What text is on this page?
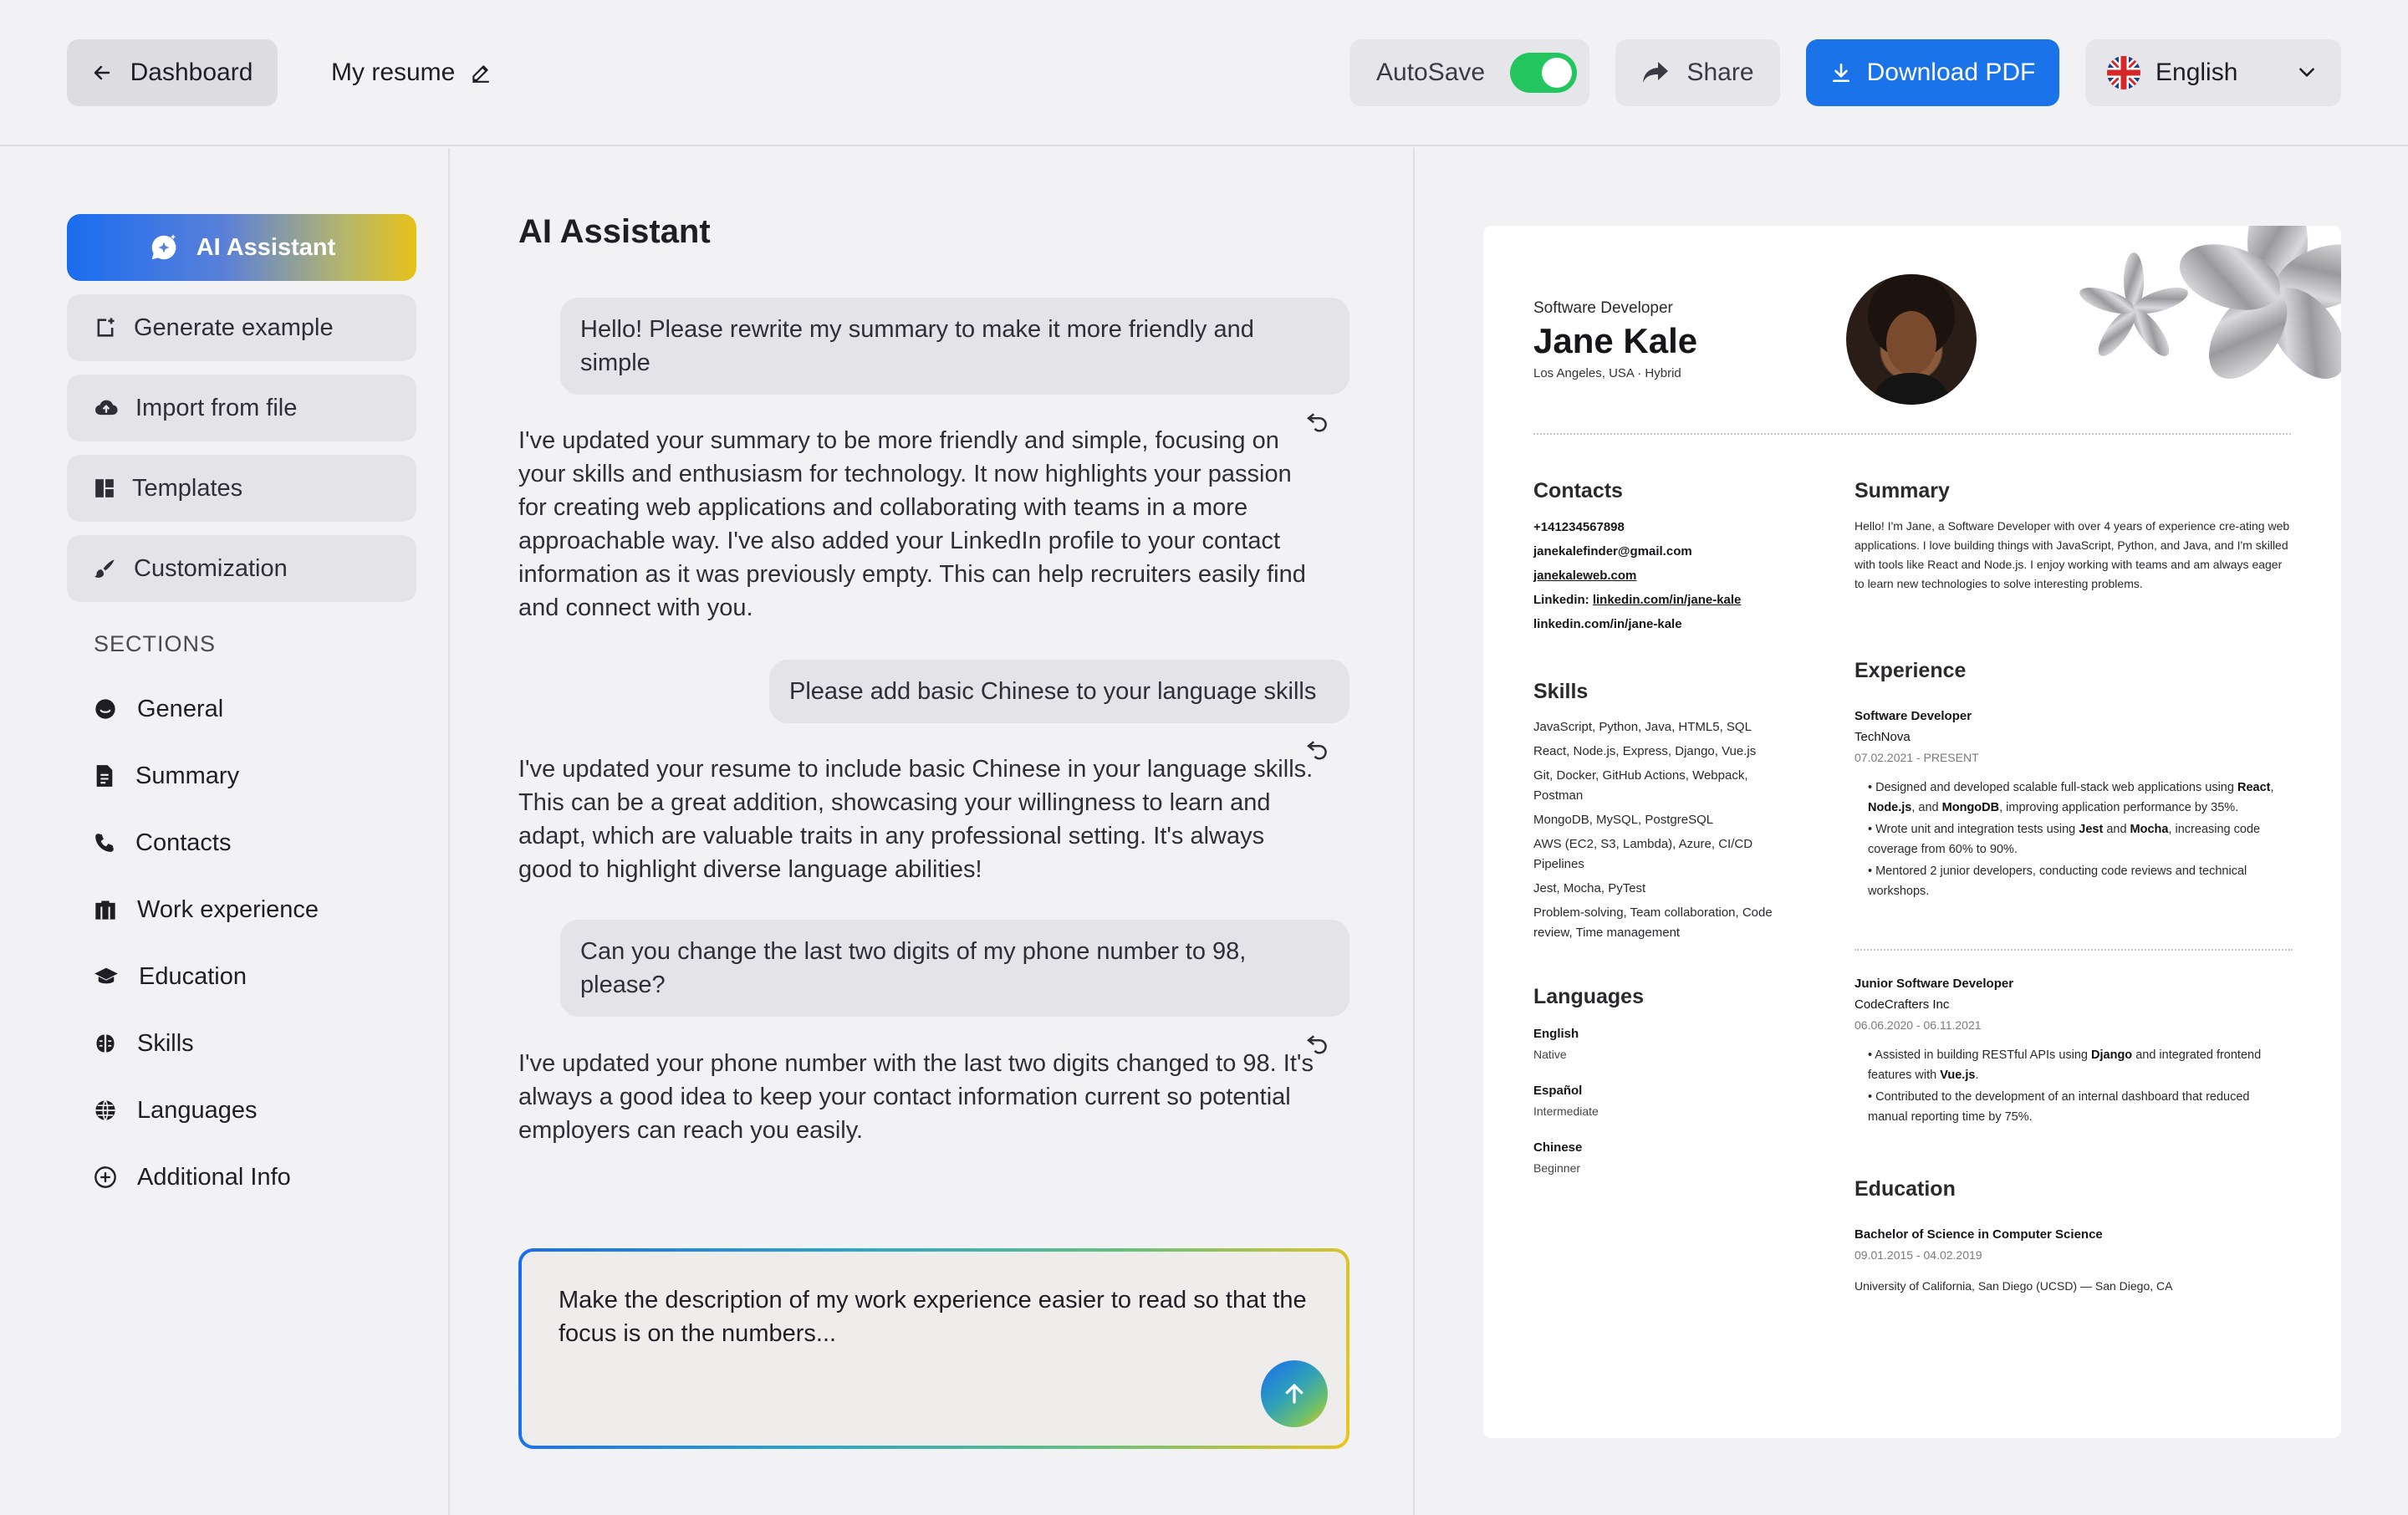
Dashboard	My resume	AutoSave	Share	Download PDF	English
AI Assistant
Generate example
Import from file
Templates
Customization
SECTIONS
General
Summary
Contacts
Work experience
Education
Skills
Languages
Additional Info
AI Assistant
Hello! Please rewrite my summary to make it more friendly and simple
I've updated your summary to be more friendly and simple, focusing on your skills and enthusiasm for technology. It now highlights your passion for creating web applications and collaborating with teams in a more approachable way. I've also added your LinkedIn profile to your contact information as it was previously empty. This can help recruiters easily find and connect with you.
Please add basic Chinese to your language skills
I've updated your resume to include basic Chinese in your language skills. This can be a great addition, showcasing your willingness to learn and adapt, which are valuable traits in any professional setting. It's always good to highlight diverse language abilities!
Can you change the last two digits of my phone number to 98, please?
I've updated your phone number with the last two digits changed to 98. It's always a good idea to keep your contact information current so potential employers can reach you easily.
Make the description of my work experience easier to read so that the focus is on the numbers...
Software Developer
Jane Kale
Los Angeles, USA · Hybrid
Contacts
+141234567898
janekalefinder@gmail.com
janekaleweb.com
Linkedin: linkedin.com/in/jane-kale
linkedin.com/in/jane-kale
Skills
JavaScript, Python, Java, HTML5, SQL
React, Node.js, Express, Django, Vue.js
Git, Docker, GitHub Actions, Webpack, Postman
MongoDB, MySQL, PostgreSQL
AWS (EC2, S3, Lambda), Azure, CI/CD Pipelines
Jest, Mocha, PyTest
Problem-solving, Team collaboration, Code review, Time management
Languages
English
Native
Español
Intermediate
Chinese
Beginner
Summary
Hello! I'm Jane, a Software Developer with over 4 years of experience cre-ating web applications. I love building things with JavaScript, Python, and Java, and I'm skilled with tools like React and Node.js. I enjoy working with teams and am always eager to learn new technologies to solve interesting problems.
Experience
Software Developer
TechNova
07.02.2021 - PRESENT
• Designed and developed scalable full-stack web applications using React, Node.js, and MongoDB, improving application performance by 35%.
• Wrote unit and integration tests using Jest and Mocha, increasing code coverage from 60% to 90%.
• Mentored 2 junior developers, conducting code reviews and technical workshops.
Junior Software Developer
CodeCrafters Inc
06.06.2020 - 06.11.2021
• Assisted in building RESTful APIs using Django and integrated frontend features with Vue.js.
• Contributed to the development of an internal dashboard that reduced manual reporting time by 75%.
Education
Bachelor of Science in Computer Science
09.01.2015 - 04.02.2019
University of California, San Diego (UCSD) — San Diego, CA
